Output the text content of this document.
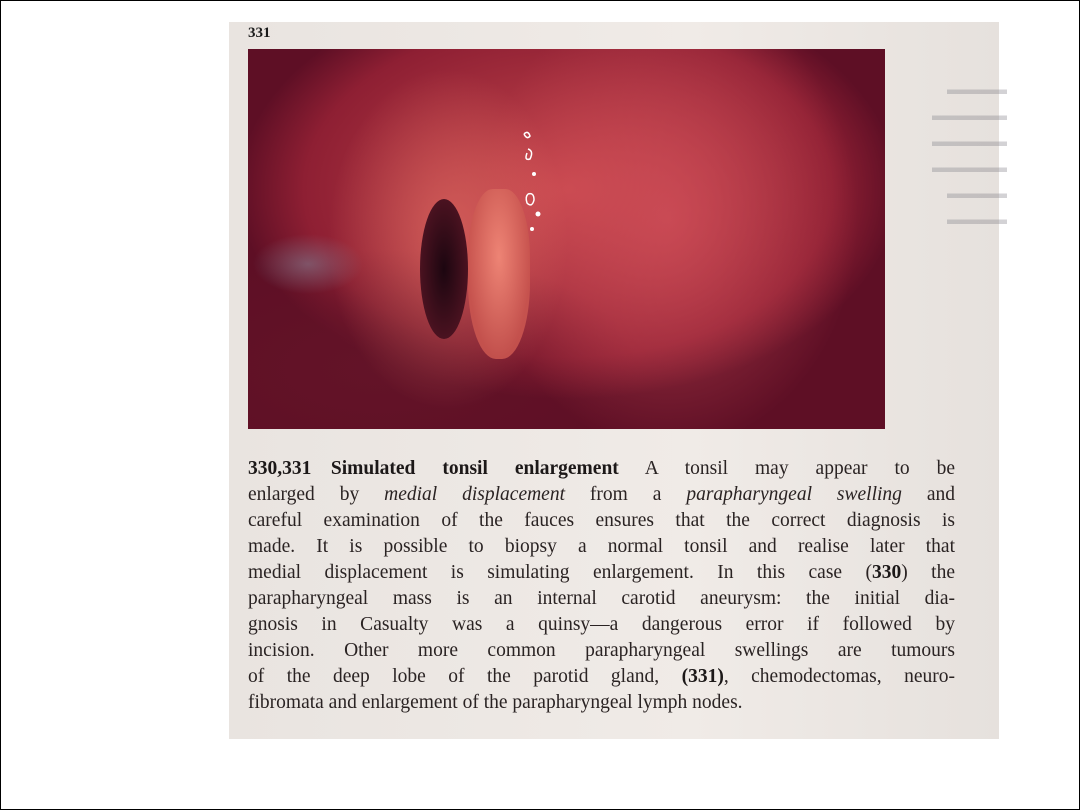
▬▬▬▬
▬▬▬▬▬
▬▬▬▬▬
▬▬▬▬▬
▬▬▬▬
▬▬▬▬
331
330,331  Simulated tonsil enlargement A tonsil may appear to be
enlarged by medial displacement from a parapharyngeal swelling and
careful examination of the fauces ensures that the correct diagnosis is
made. It is possible to biopsy a normal tonsil and realise later that
medial displacement is simulating enlargement. In this case (330) the
parapharyngeal mass is an internal carotid aneurysm: the initial dia-
gnosis in Casualty was a quinsy—a dangerous error if followed by
incision. Other more common parapharyngeal swellings are tumours
of the deep lobe of the parotid gland, (331), chemodectomas, neuro-
fibromata and enlargement of the parapharyngeal lymph nodes.
